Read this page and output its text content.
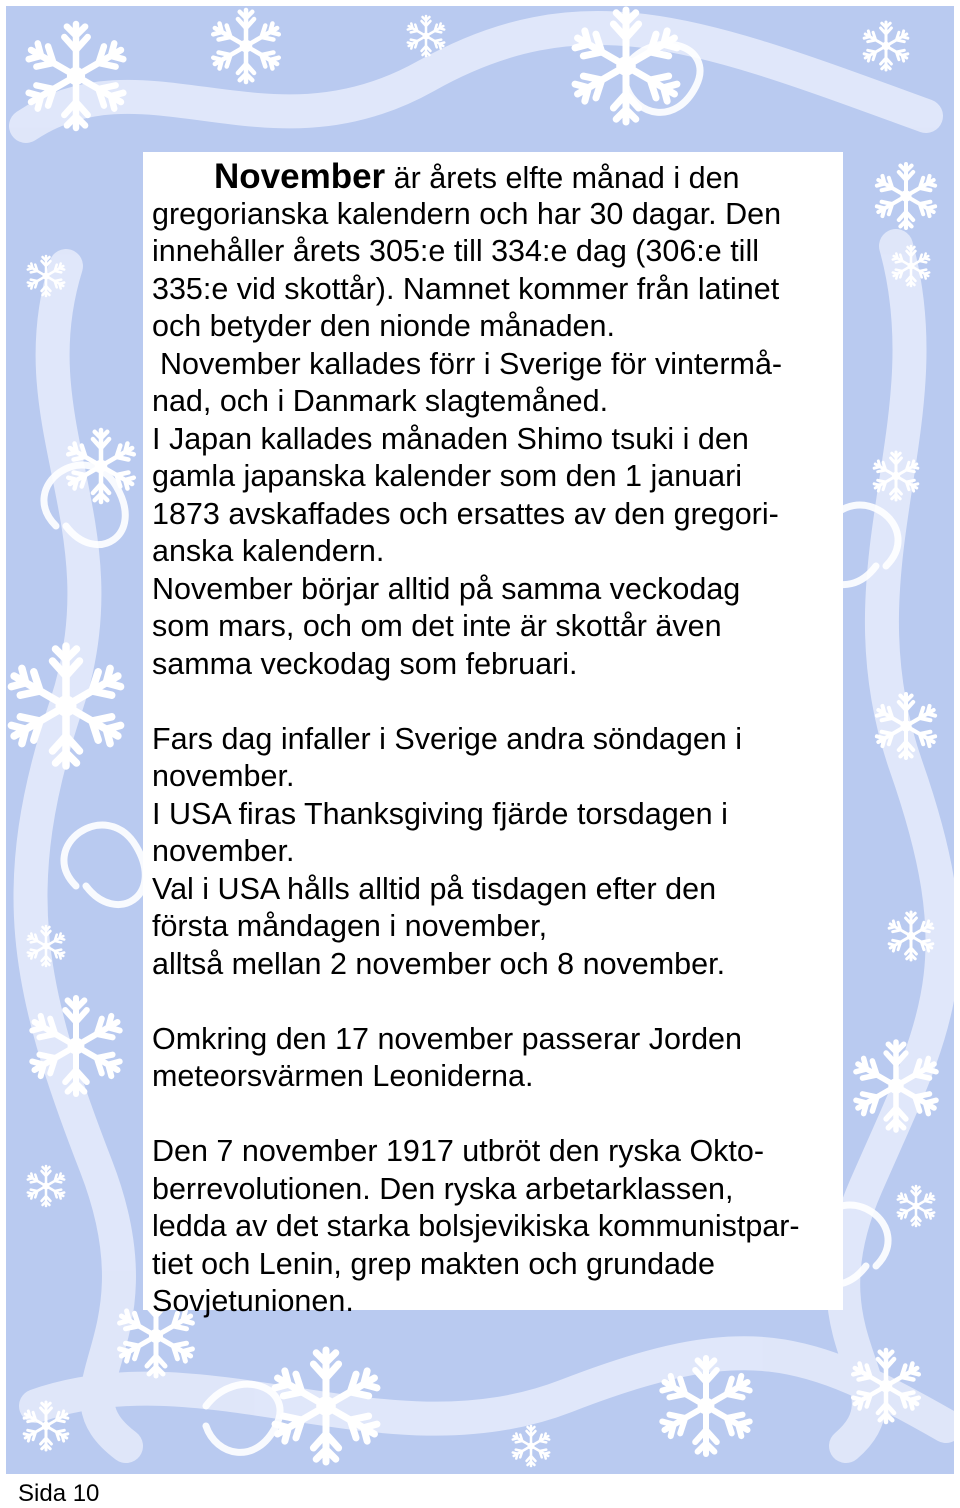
November är årets elfte månad i den
gregorianska kalendern och har 30 dagar. Den
innehåller årets 305:e till 334:e dag (306:e till
335:e vid skottår). Namnet kommer från latinet
och betyder den nionde månaden.
November kallades förr i Sverige för vintermå-
nad, och i Danmark slagtemåned.
I Japan kallades månaden Shimo tsuki i den
gamla japanska kalender som den 1 januari
1873 avskaffades och ersattes av den gregori-
anska kalendern.
November börjar alltid på samma veckodag
som mars, och om det inte är skottår även
samma veckodag som februari.
Fars dag infaller i Sverige andra söndagen i
november.
I USA firas Thanksgiving fjärde torsdagen i
november.
Val i USA hålls alltid på tisdagen efter den
första måndagen i november,
alltså mellan 2 november och 8 november.
Omkring den 17 november passerar Jorden
meteorsvärmen Leoniderna.
Den 7 november 1917 utbröt den ryska Okto-
berrevolutionen. Den ryska arbetarklassen,
ledda av det starka bolsjevikiska kommunistpar-
tiet och Lenin, grep makten och grundade
Sovjetunionen.
Sida 10
